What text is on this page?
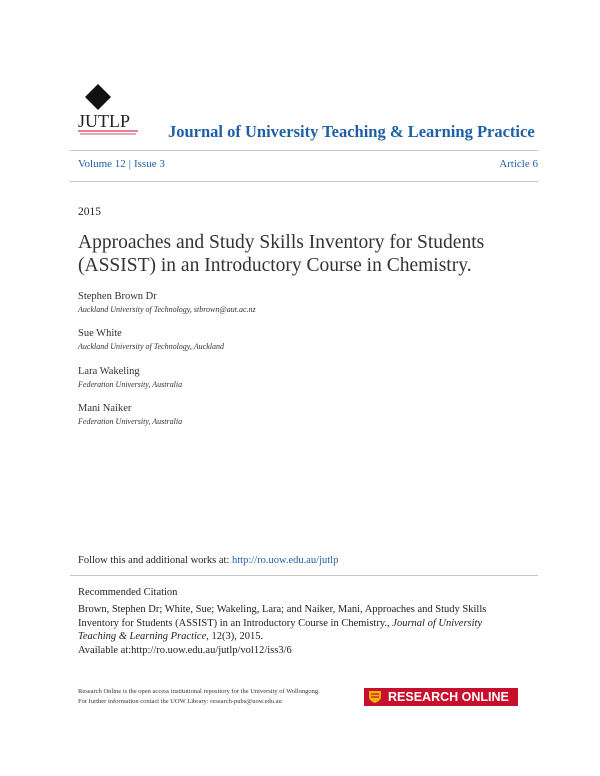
JUTLP
Journal of University Teaching & Learning Practice
Volume 12 | Issue 3	Article 6
2015
Approaches and Study Skills Inventory for Students (ASSIST) in an Introductory Course in Chemistry.
Stephen Brown Dr
Auckland University of Technology, stbrown@aut.ac.nz
Sue White
Auckland University of Technology, Auckland
Lara Wakeling
Federation University, Australia
Mani Naiker
Federation University, Australia
Follow this and additional works at: http://ro.uow.edu.au/jutlp
Recommended Citation
Brown, Stephen Dr; White, Sue; Wakeling, Lara; and Naiker, Mani, Approaches and Study Skills Inventory for Students (ASSIST) in an Introductory Course in Chemistry., Journal of University Teaching & Learning Practice, 12(3), 2015.
Available at:http://ro.uow.edu.au/jutlp/vol12/iss3/6
Research Online is the open access institutional repository for the University of Wollongong. For further information contact the UOW Library: research-pubs@uow.edu.au	RESEARCH ONLINE
